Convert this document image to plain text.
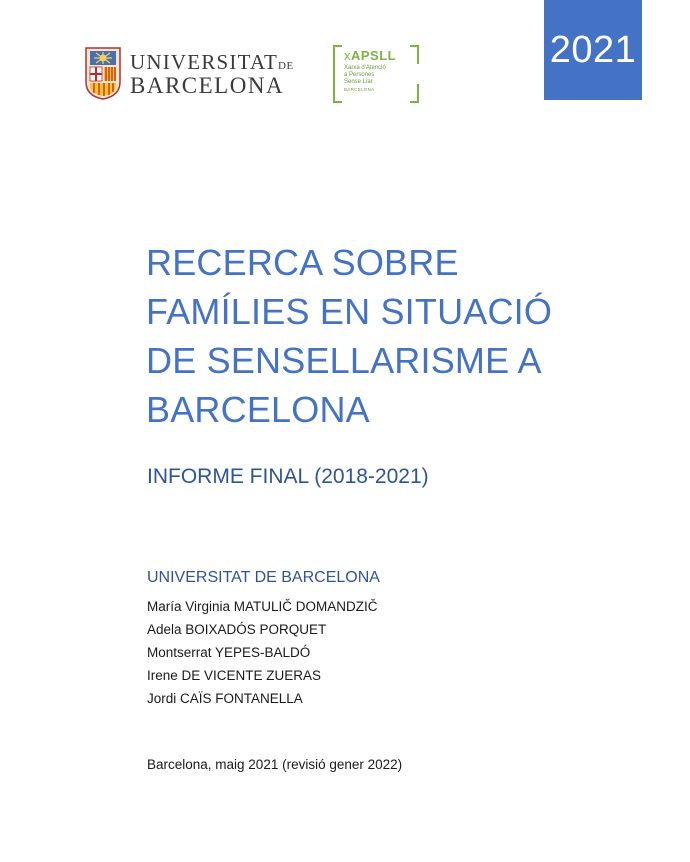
2021
UNIVERSITATDE
BARCELONA
xAPSLL
Xarxa d'Atenció
a Persones
Sense Llar
BARCELONA
RECERCA SOBRE
FAMÍLIES EN SITUACIÓ
DE SENSELLARISME A
BARCELONA
INFORME FINAL (2018-2021)
UNIVERSITAT DE BARCELONA
María Virginia MATULIČ DOMANDZIČ
Adela BOIXADÓS PORQUET
Montserrat YEPES-BALDÓ
Irene DE VICENTE ZUERAS
Jordi CAÏS FONTANELLA
Barcelona, maig 2021 (revisió gener 2022)
